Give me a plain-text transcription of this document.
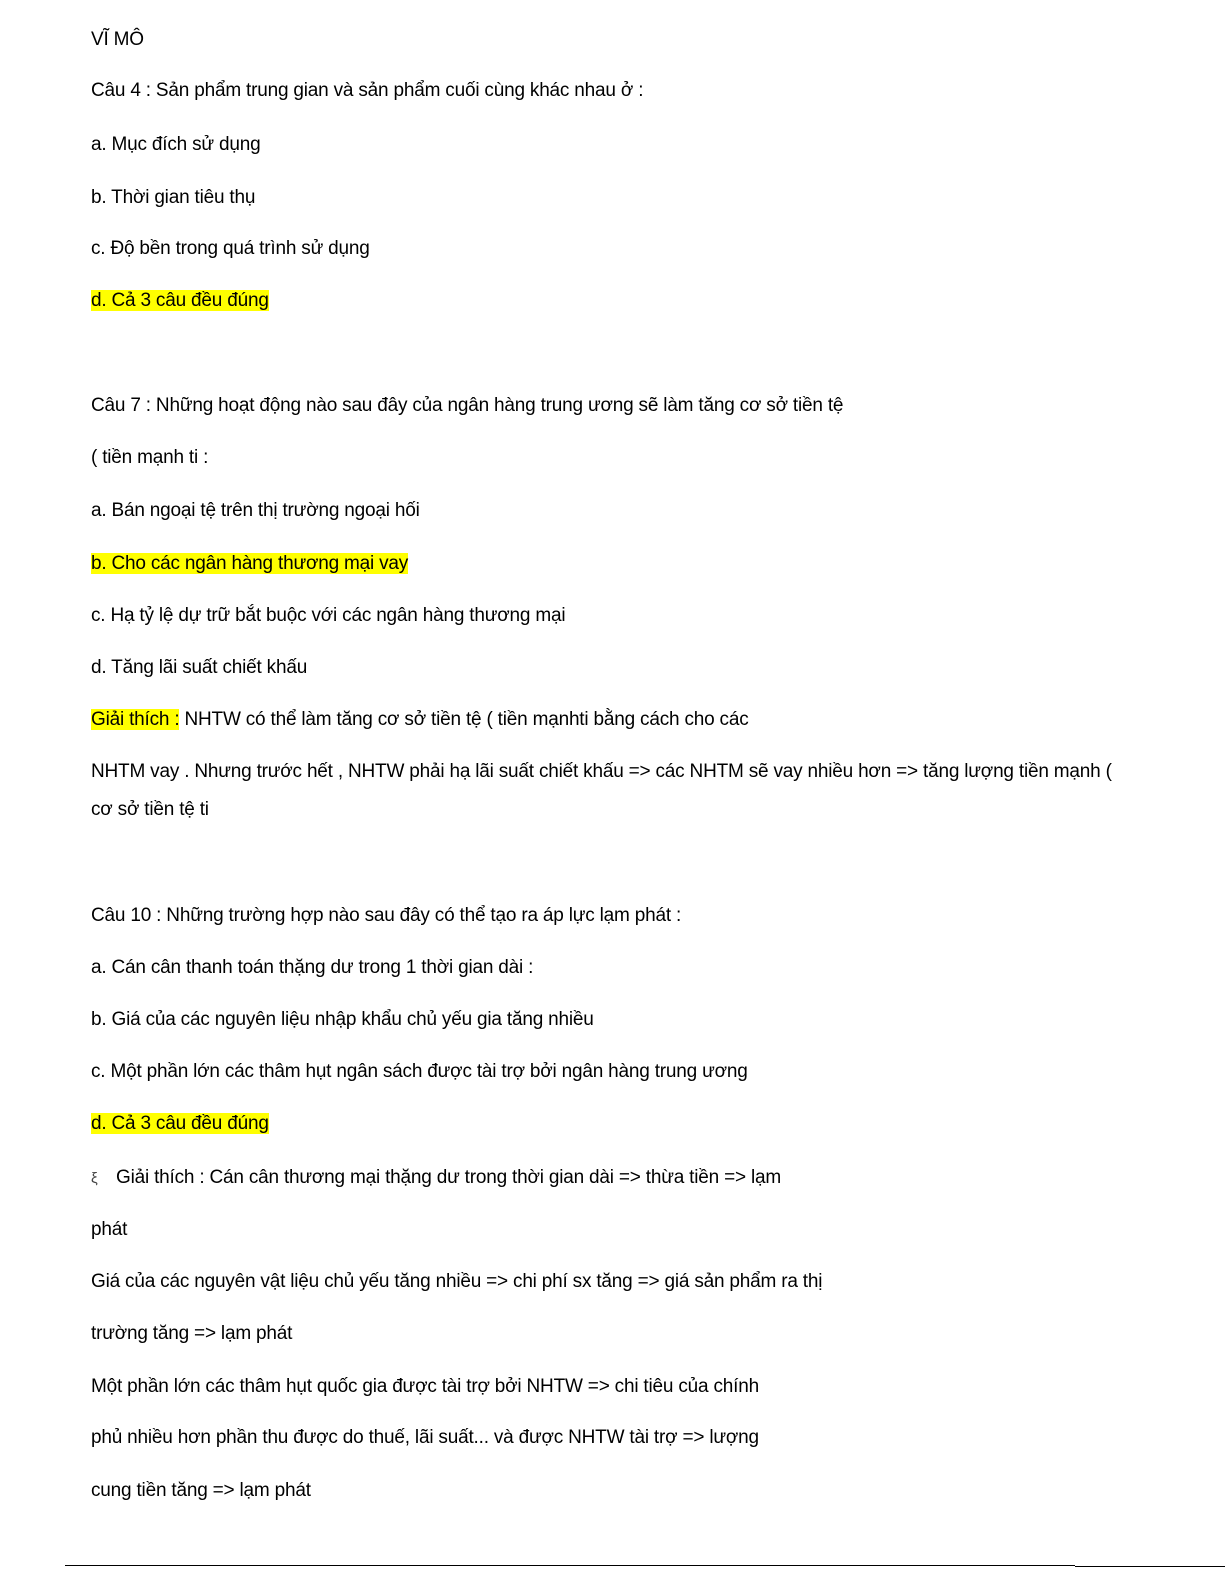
VĨ MÔ
Câu 4 : Sản phẩm trung gian và sản phẩm cuối cùng khác nhau ở :
a. Mục đích sử dụng
b. Thời gian tiêu thụ
c. Độ bền trong quá trình sử dụng
d. Cả 3 câu đều đúng
Câu 7 : Những hoạt động nào sau đây của ngân hàng trung ương sẽ làm tăng cơ sở tiền tệ
( tiền mạnh ti :
a. Bán ngoại tệ trên thị trường ngoại hối
b. Cho các ngân hàng thương mại vay
c. Hạ tỷ lệ dự trữ bắt buộc với các ngân hàng thương mại
d. Tăng lãi suất chiết khấu
Giải thích : NHTW có thể làm tăng cơ sở tiền tệ ( tiền mạnhti bằng cách cho các
NHTM vay . Nhưng trước hết , NHTW phải hạ lãi suất chiết khấu => các NHTM sẽ vay nhiều hơn => tăng lượng tiền mạnh ( cơ sở tiền tệ ti
Câu 10 : Những trường hợp nào sau đây có thể tạo ra áp lực lạm phát :
a. Cán cân thanh toán thặng dư trong 1 thời gian dài :
b. Giá của các nguyên liệu nhập khẩu chủ yếu gia tăng nhiều
c. Một phần lớn các thâm hụt ngân sách được tài trợ bởi ngân hàng trung ương
d. Cả 3 câu đều đúng
ξ Giải thích : Cán cân thương mại thặng dư trong thời gian dài => thừa tiền => lạm
phát
Giá của các nguyên vật liệu chủ yếu tăng nhiều => chi phí sx tăng => giá sản phẩm ra thị
trường tăng => lạm phát
Một phần lớn các thâm hụt quốc gia được tài trợ bởi NHTW => chi tiêu của chính
phủ nhiều hơn phần thu được do thuế, lãi suất... và được NHTW tài trợ => lượng
cung tiền tăng => lạm phát
